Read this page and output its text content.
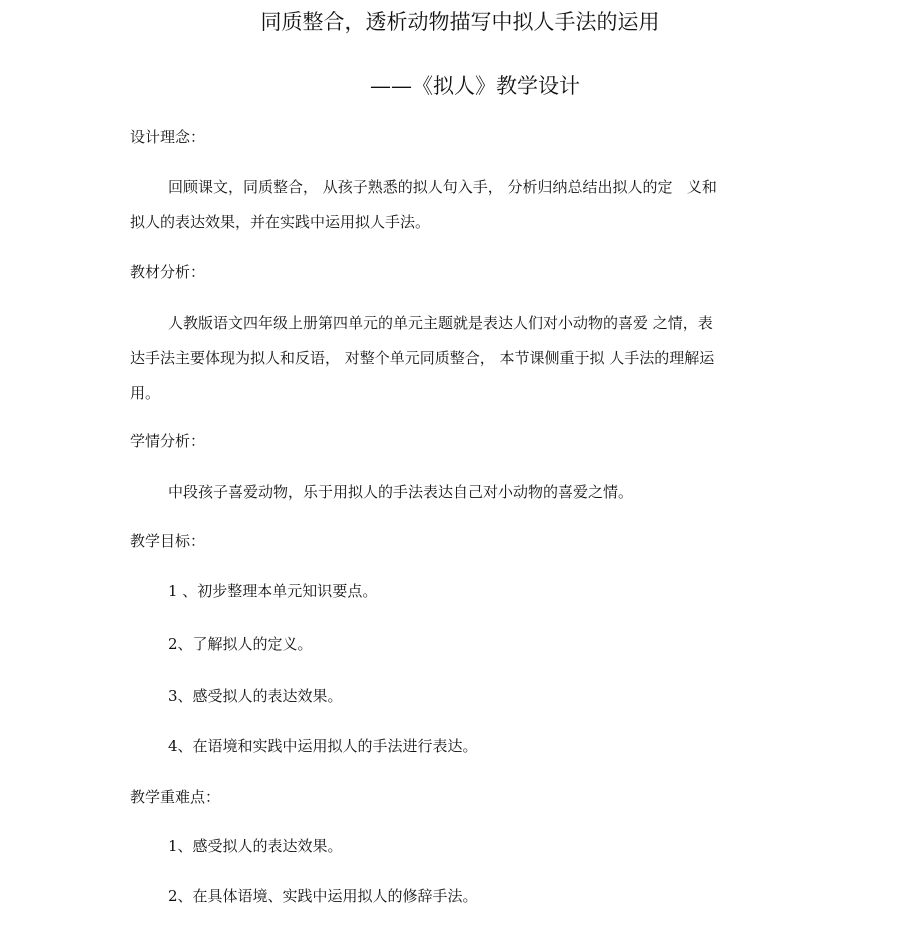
同质整合，透析动物描写中拟人手法的运用
——《拟人》教学设计
设计理念：
回顾课文，同质整合， 从孩子熟悉的拟人句入手， 分析归纳总结出拟人的定   义和
拟人的表达效果，并在实践中运用拟人手法。
教材分析：
人教版语文四年级上册第四单元的单元主题就是表达人们对小动物的喜爱 之情，表
达手法主要体现为拟人和反语， 对整个单元同质整合， 本节课侧重于拟 人手法的理解运
用。
学情分析：
中段孩子喜爱动物，乐于用拟人的手法表达自己对小动物的喜爱之情。
教学目标：
1 、初步整理本单元知识要点。
2、了解拟人的定义。
3、感受拟人的表达效果。
4、在语境和实践中运用拟人的手法进行表达。
教学重难点：
1、感受拟人的表达效果。
2、在具体语境、实践中运用拟人的修辞手法。
